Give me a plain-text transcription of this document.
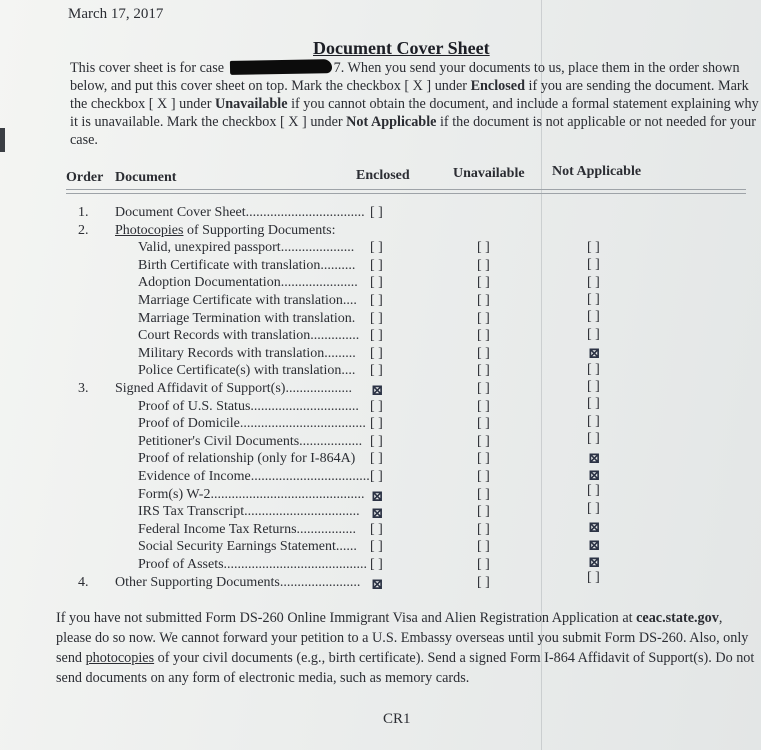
March 17, 2017
Document Cover Sheet
This cover sheet is for case	7. When you send your documents to us, place them in the order shown below, and put this cover sheet on top. Mark the checkbox [ X ] under Enclosed if you are sending the document. Mark the checkbox [ X ] under Unavailable if you cannot obtain the document, and include a formal statement explaining why it is unavailable. Mark the checkbox [ X ] under Not Applicable if the document is not applicable or not needed for your case.
Order Document	Enclosed	Unavailable Not Applicable
1. Document Cover Sheet.................................. [ ]
2. Photocopies of Supporting Documents:
Valid, unexpired passport..................... [ ]	[ ]	[ ]
Birth Certificate with translation.......... [ ]	[ ]	[ ]
Adoption Documentation...................... [ ]	[ ]	[ ]
Marriage Certificate with translation.... [ ]	[ ]	[ ]
Marriage Termination with translation. [ ]	[ ]	[ ]
Court Records with translation.............. [ ]	[ ]	[ ]
Military Records with translation......... [ ]	[ ]	⊠
Police Certificate(s) with translation.... [ ]	[ ]	[ ]
3. Signed Affidavit of Support(s)................... ⊠	[ ]	[ ]
Proof of U.S. Status............................... [ ]	[ ]	[ ]
Proof of Domicile.................................... [ ]	[ ]	[ ]
Petitioner's Civil Documents.................. [ ]	[ ]	[ ]
Proof of relationship (only for I-864A) [ ]	[ ]	⊠
Evidence of Income.................................. [ ]	[ ]	⊠
Form(s) W-2............................................ ⊠	[ ]	[ ]
IRS Tax Transcript................................. ⊠	[ ]	[ ]
Federal Income Tax Returns................. [ ]	[ ]	⊠
Social Security Earnings Statement...... [ ]	[ ]	⊠
Proof of Assets......................................... [ ]	[ ]	⊠
4. Other Supporting Documents....................... ⊠	[ ]	[ ]
If you have not submitted Form DS-260 Online Immigrant Visa and Alien Registration Application at ceac.state.gov, please do so now. We cannot forward your petition to a U.S. Embassy overseas until you submit Form DS-260. Also, only send photocopies of your civil documents (e.g., birth certificate). Send a signed Form I-864 Affidavit of Support(s). Do not send documents on any form of electronic media, such as memory cards.
CR1
